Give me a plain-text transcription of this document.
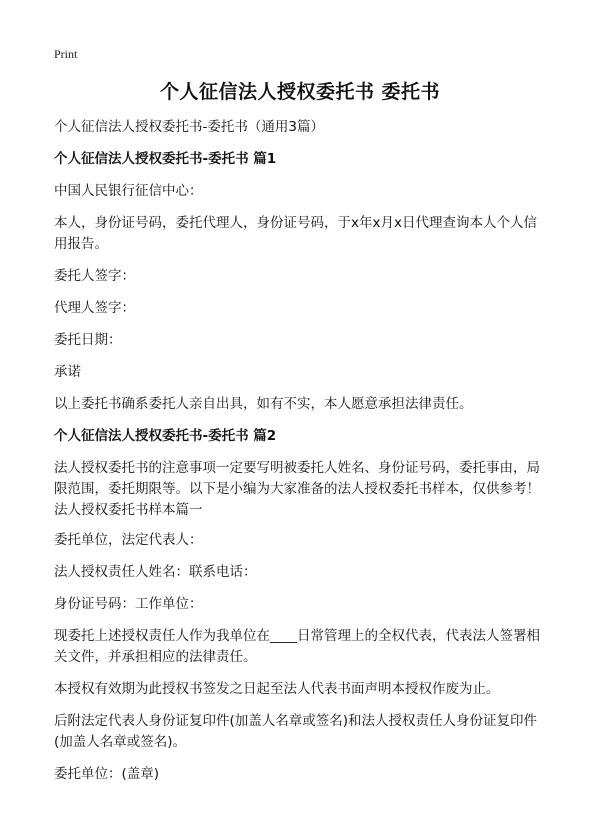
Print
个人征信法人授权委托书 委托书
个人征信法人授权委托书-委托书（通用3篇）
个人征信法人授权委托书-委托书 篇1
中国人民银行征信中心：
本人，身份证号码，委托代理人，身份证号码，于x年x月x日代理查询本人个人信用报告。
委托人签字：
代理人签字：
委托日期：
承诺
以上委托书确系委托人亲自出具，如有不实，本人愿意承担法律责任。
个人征信法人授权委托书-委托书 篇2
法人授权委托书的注意事项一定要写明被委托人姓名、身份证号码，委托事由，局限范围，委托期限等。以下是小编为大家准备的法人授权委托书样本，仅供参考！法人授权委托书样本篇一
委托单位，法定代表人：
法人授权责任人姓名：联系电话：
身份证号码：工作单位：
现委托上述授权责任人作为我单位在____日常管理上的全权代表，代表法人签署相关文件，并承担相应的法律责任。
本授权有效期为此授权书签发之日起至法人代表书面声明本授权作废为止。
后附法定代表人身份证复印件(加盖人名章或签名)和法人授权责任人身份证复印件(加盖人名章或签名)。
委托单位：(盖章)
